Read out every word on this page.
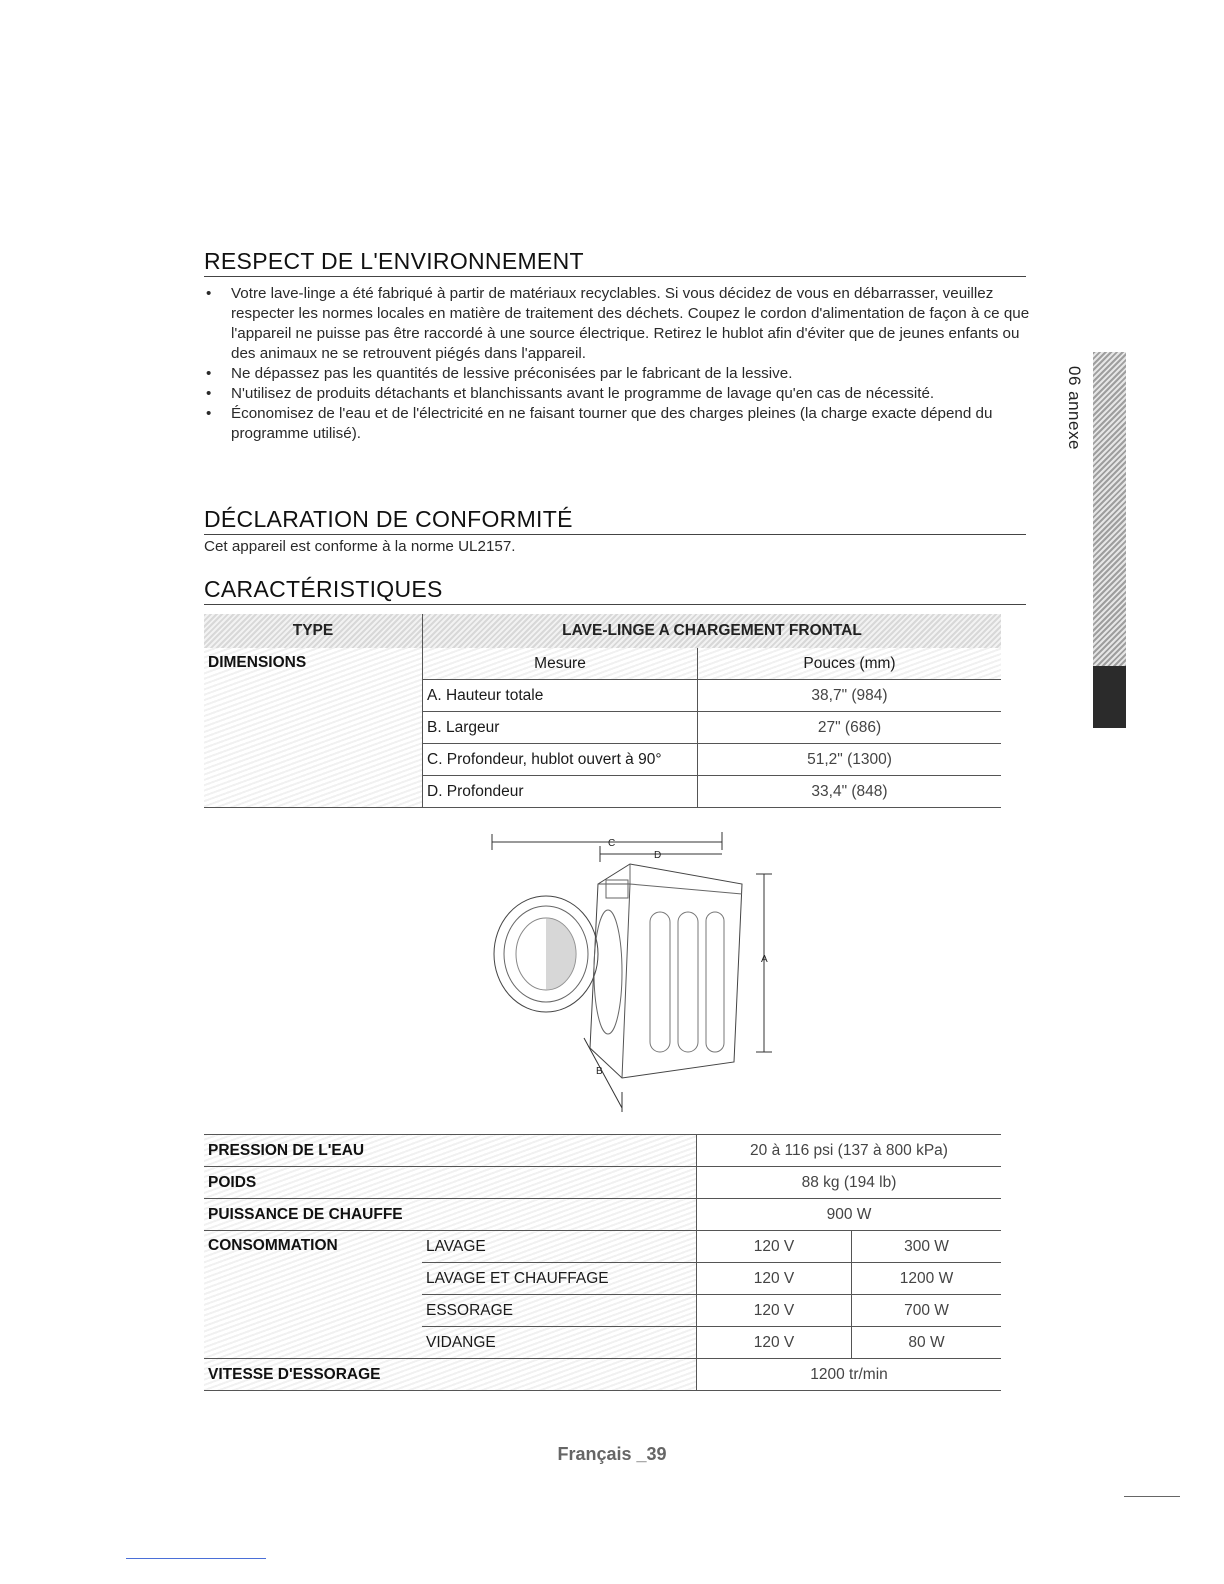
RESPECT DE L'ENVIRONNEMENT
• Votre lave-linge a été fabriqué à partir de matériaux recyclables. Si vous décidez de vous en débarrasser, veuillez respecter les normes locales en matière de traitement des déchets. Coupez le cordon d'alimentation de façon à ce que l'appareil ne puisse pas être raccordé à une source électrique. Retirez le hublot afin d'éviter que de jeunes enfants ou des animaux ne se retrouvent piégés dans l'appareil.
• Ne dépassez pas les quantités de lessive préconisées par le fabricant de la lessive.
• N'utilisez de produits détachants et blanchissants avant le programme de lavage qu'en cas de nécessité.
• Économisez de l'eau et de l'électricité en ne faisant tourner que des charges pleines (la charge exacte dépend du programme utilisé).
DÉCLARATION DE CONFORMITÉ
Cet appareil est conforme à la norme UL2157.
CARACTÉRISTIQUES
TYPE	LAVE-LINGE A CHARGEMENT FRONTAL	
DIMENSIONS	Mesure	Pouces (mm)
	A. Hauteur totale	38,7" (984)
	B. Largeur	27" (686)
	C. Profondeur, hublot ouvert à 90°	51,2" (1300)
	D. Profondeur	33,4" (848)
C
D
A
B
PRESSION DE L'EAU		20 à 116 psi (137 à 800 kPa)	
POIDS		88 kg (194 lb)	
PUISSANCE DE CHAUFFE		900 W	
CONSOMMATION	LAVAGE	120 V	300 W
	LAVAGE ET CHAUFFAGE	120 V	1200 W
	ESSORAGE	120 V	700 W
	VIDANGE	120 V	80 W
VITESSE D'ESSORAGE		1200 tr/min	
06 annexe
Français _39
